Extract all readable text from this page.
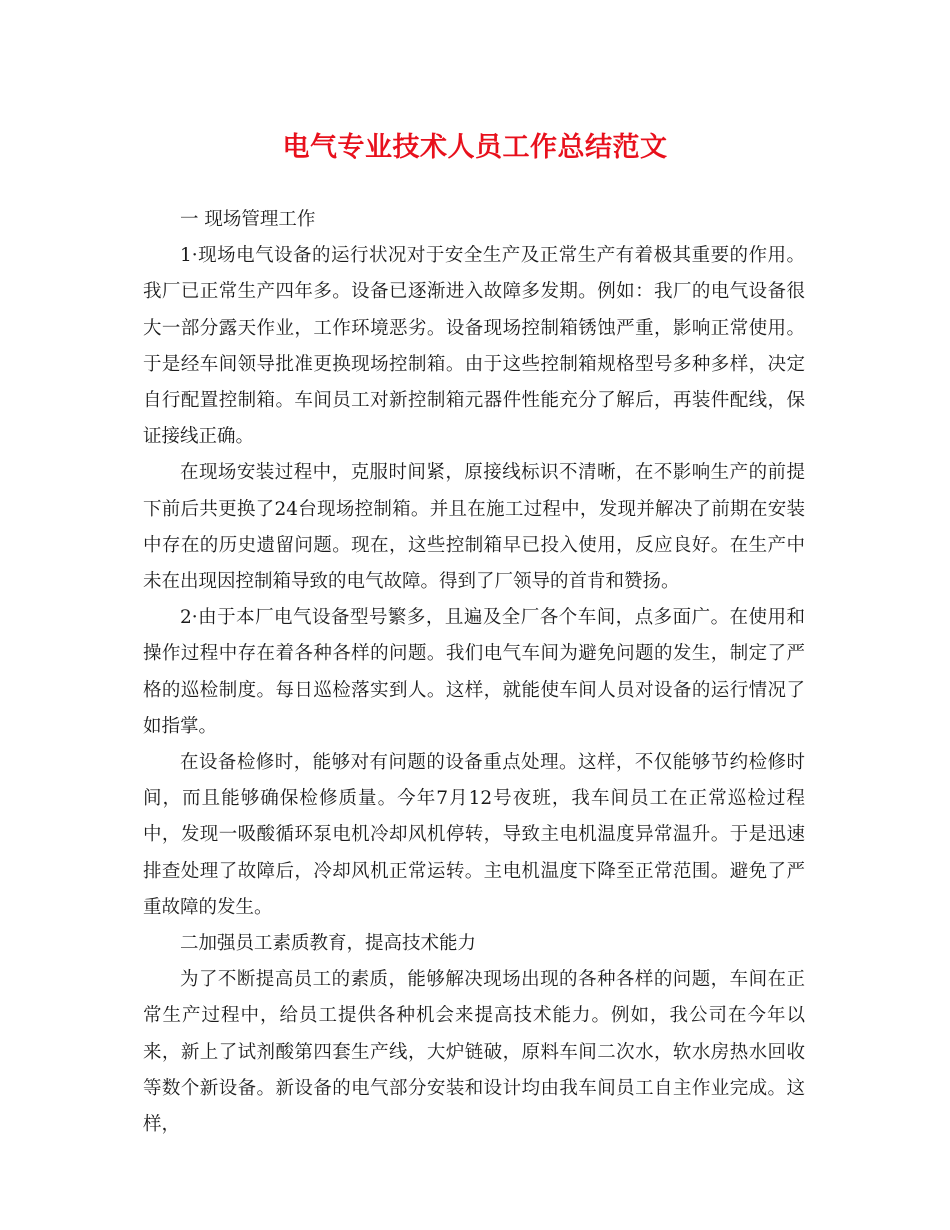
电气专业技术人员工作总结范文

一 现场管理工作

1·现场电气设备的运行状况对于安全生产及正常生产有着极其重要的作用。我厂已正常生产四年多。设备已逐渐进入故障多发期。例如：我厂的电气设备很大一部分露天作业，工作环境恶劣。设备现场控制箱锈蚀严重，影响正常使用。于是经车间领导批准更换现场控制箱。由于这些控制箱规格型号多种多样，决定自行配置控制箱。车间员工对新控制箱元器件性能充分了解后，再装件配线，保证接线正确。

在现场安装过程中，克服时间紧，原接线标识不清晰，在不影响生产的前提下前后共更换了24台现场控制箱。并且在施工过程中，发现并解决了前期在安装中存在的历史遗留问题。现在，这些控制箱早已投入使用，反应良好。在生产中未在出现因控制箱导致的电气故障。得到了厂领导的首肯和赞扬。

2·由于本厂电气设备型号繁多，且遍及全厂各个车间，点多面广。在使用和操作过程中存在着各种各样的问题。我们电气车间为避免问题的发生，制定了严格的巡检制度。每日巡检落实到人。这样，就能使车间人员对设备的运行情况了如指掌。

在设备检修时，能够对有问题的设备重点处理。这样，不仅能够节约检修时间，而且能够确保检修质量。今年7月12号夜班，我车间员工在正常巡检过程中，发现一吸酸循环泵电机冷却风机停转，导致主电机温度异常温升。于是迅速排查处理了故障后，冷却风机正常运转。主电机温度下降至正常范围。避免了严重故障的发生。

二加强员工素质教育，提高技术能力

为了不断提高员工的素质，能够解决现场出现的各种各样的问题，车间在正常生产过程中，给员工提供各种机会来提高技术能力。例如，我公司在今年以来，新上了试剂酸第四套生产线，大炉链破，原料车间二次水，软水房热水回收等数个新设备。新设备的电气部分安装和设计均由我车间员工自主作业完成。这样，
